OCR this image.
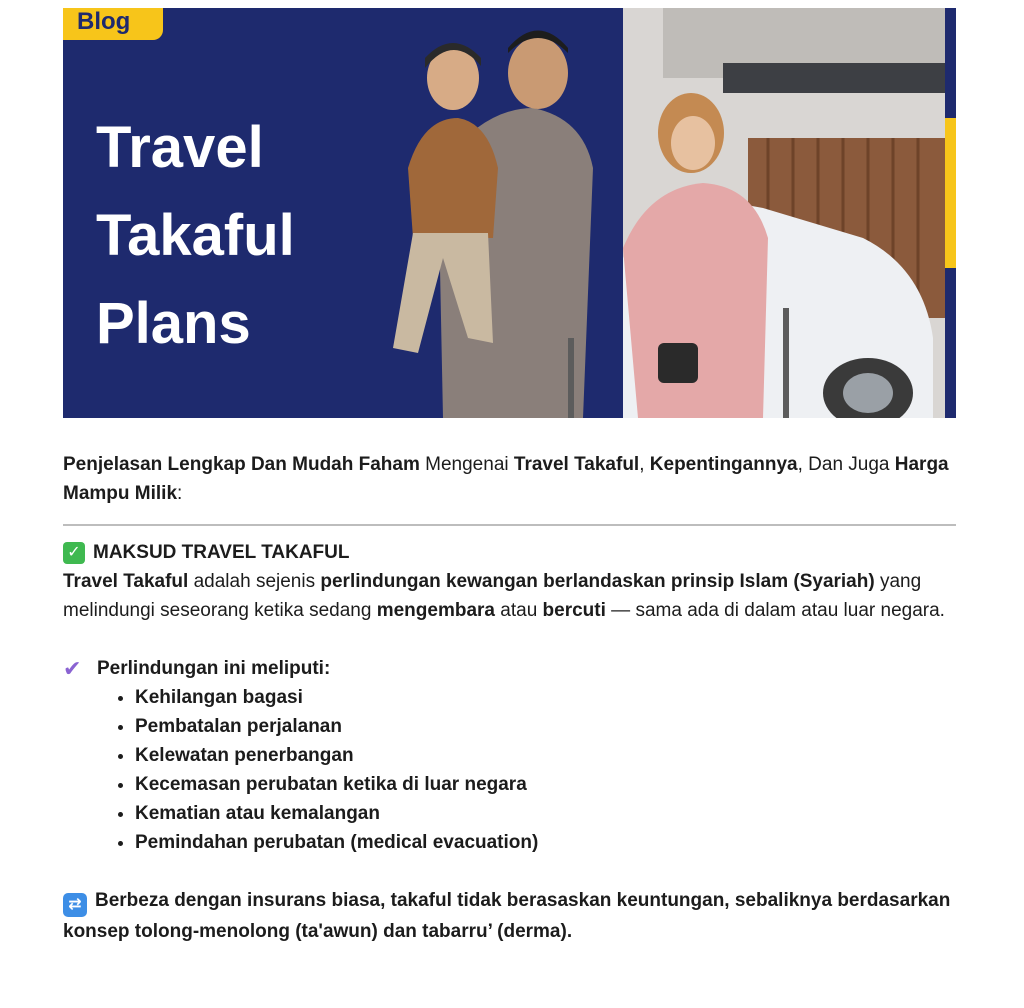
Blog
Travel
Takaful
Plans

Penjelasan Lengkap Dan Mudah Faham Mengenai Travel Takaful, Kepentingannya, Dan Juga Harga Mampu Milik:

✓ MAKSUD TRAVEL TAKAFUL

Travel Takaful adalah sejenis perlindungan kewangan berlandaskan prinsip Islam (Syariah) yang melindungi seseorang ketika sedang mengembara atau bercuti — sama ada di dalam atau luar negara.

✔ Perlindungan ini meliputi:
• Kehilangan bagasi
• Pembatalan perjalanan
• Kelewatan penerbangan
• Kecemasan perubatan ketika di luar negara
• Kematian atau kemalangan
• Pemindahan perubatan (medical evacuation)

⇄ Berbeza dengan insurans biasa, takaful tidak berasaskan keuntungan, sebaliknya berdasarkan konsep tolong-menolong (ta'awun) dan tabarru’ (derma).
